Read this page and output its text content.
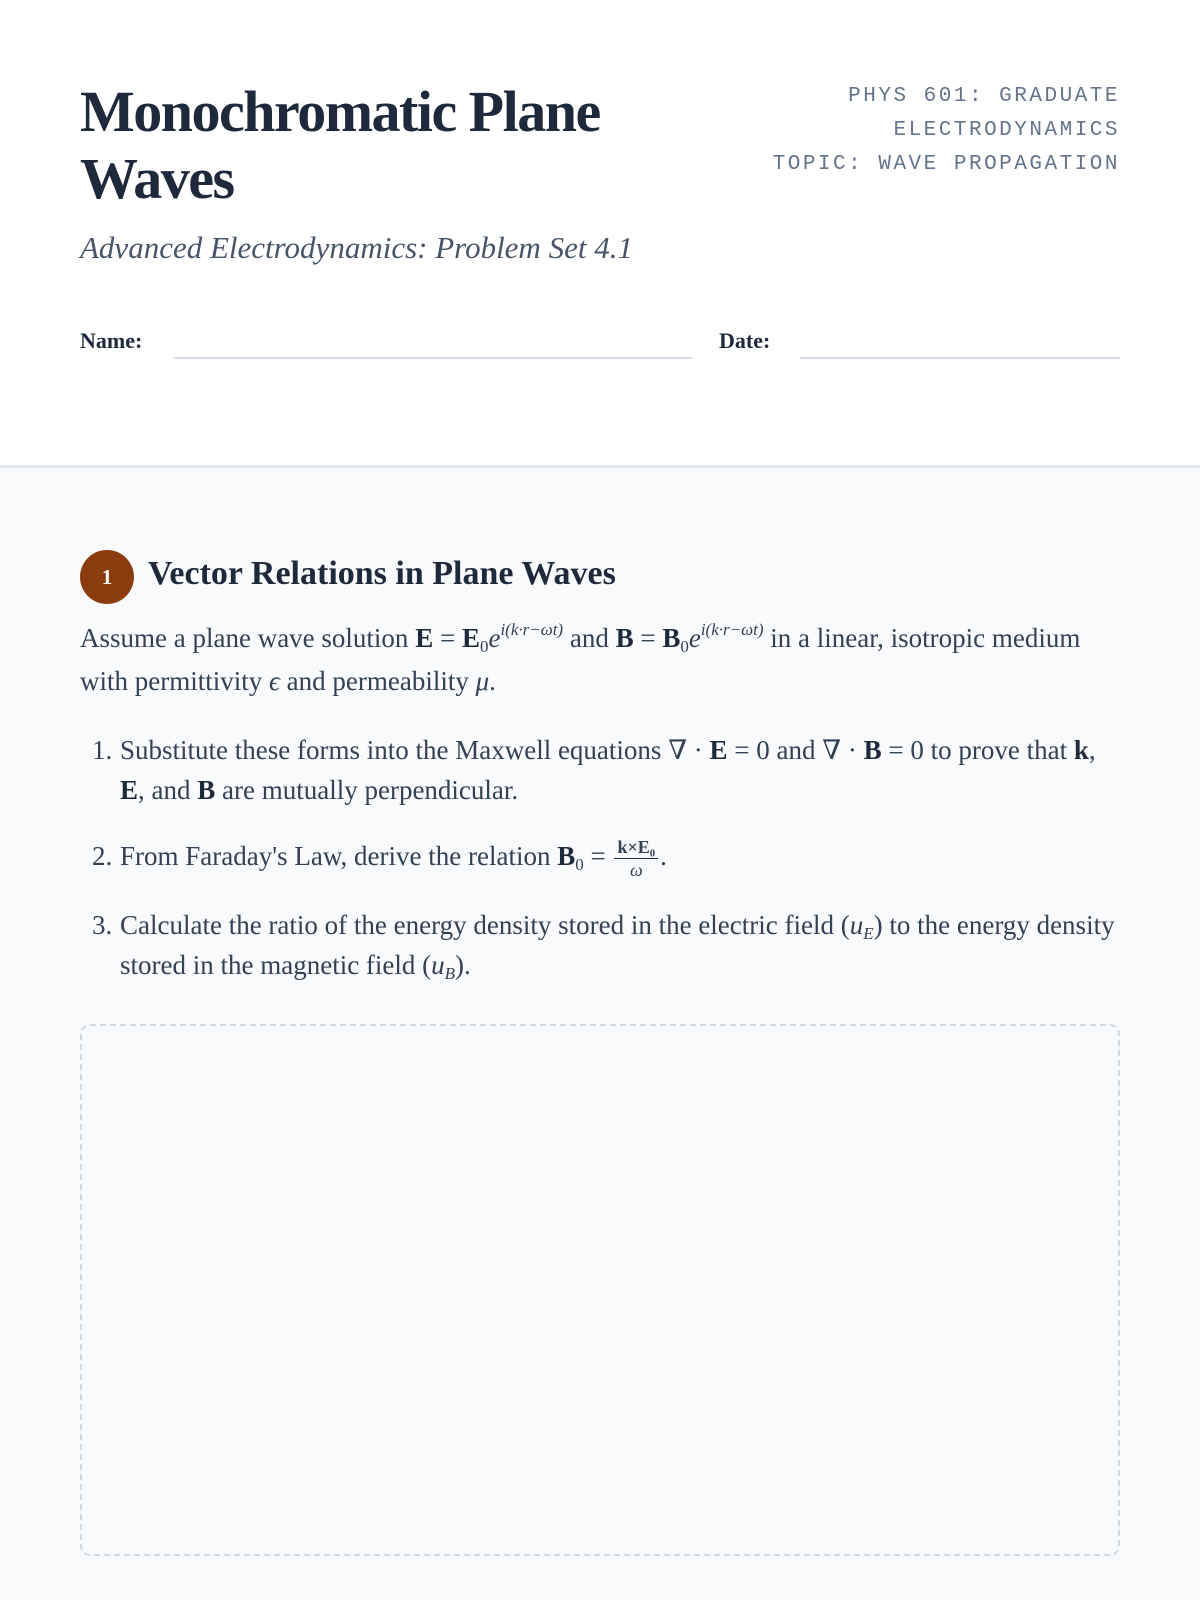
Monochromatic Plane Waves

Advanced Electrodynamics: Problem Set 4.1

PHYS 601: GRADUATE
ELECTRODYNAMICS
TOPIC: WAVE PROPAGATION
Name:	Date:
1	Vector Relations in Plane Waves

Assume a plane wave solution $E = E_0e^{i(k\cdot r-\omega t)}$ and $B = B_0e^{i(k\cdot r-\omega t)}$ in a linear, isotropic medium with permittivity ϵ and permeability μ.

1. Substitute these forms into the Maxwell equations ∇ · E = 0 and ∇ · B = 0 to prove that k, E, and B are mutually perpendicular.
2. From Faraday's Law, derive the relation $B_0 = \frac{\text{k×E₀}}{\omega}$ .
3. Calculate the ratio of the energy density stored in the electric field $(u_E)$ to the energy density stored in the magnetic field $(u_B)$.
